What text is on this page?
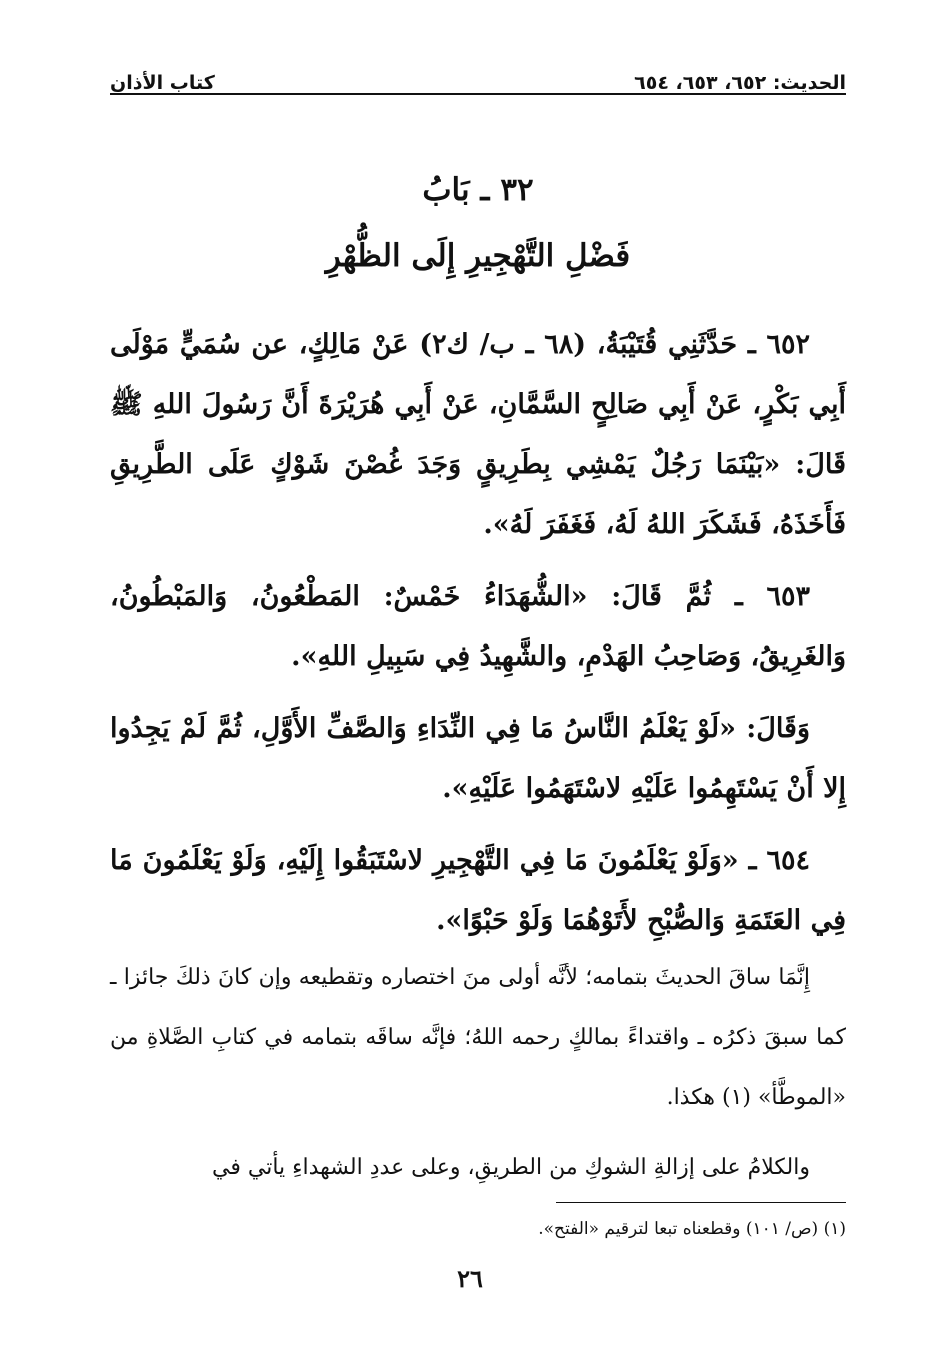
الحديث: ٦٥٢، ٦٥٣، ٦٥٤
كتاب الأذان
٣٢ ـ بَابُ
فَضْلِ التَّهْجِيرِ إِلَى الظُّهْرِ

٦٥٢ ـ حَدَّثَنِي قُتَيْبَةُ، (٦٨ ـ ب/ ك٢) عَنْ مَالِكٍ، عن سُمَيٍّ مَوْلَى أَبِي بَكْرٍ، عَنْ أَبِي صَالِحٍ السَّمَّانِ، عَنْ أَبِي هُرَيْرَةَ أَنَّ رَسُولَ اللهِ ﷺ قَالَ: «بَيْنَمَا رَجُلٌ يَمْشِي بِطَرِيقٍ وَجَدَ غُصْنَ شَوْكٍ عَلَى الطَّرِيقِ فَأَخَذَهُ، فَشَكَرَ اللهُ لَهُ، فَغَفَرَ لَهُ».

٦٥٣ ـ ثُمَّ قَالَ: «الشُّهَدَاءُ خَمْسٌ: المَطْعُونُ، وَالمَبْطُونُ، وَالغَرِيقُ، وَصَاحِبُ الهَدْمِ، والشَّهِيدُ فِي سَبِيلِ اللهِ».

وَقَالَ: «لَوْ يَعْلَمُ النَّاسُ مَا فِي النِّدَاءِ وَالصَّفِّ الأَوَّلِ، ثُمَّ لَمْ يَجِدُوا إِلا أَنْ يَسْتَهِمُوا عَلَيْهِ لاسْتَهَمُوا عَلَيْهِ».

٦٥٤ ـ «وَلَوْ يَعْلَمُونَ مَا فِي التَّهْجِيرِ لاسْتَبَقُوا إِلَيْهِ، وَلَوْ يَعْلَمُونَ مَا فِي العَتَمَةِ وَالصُّبْحِ لأَتَوْهُمَا وَلَوْ حَبْوًا».

إِنَّمَا ساقَ الحديثَ بتمامه؛ لأنَّه أولى منَ اختصاره وتقطيعه وإن كانَ ذلكَ جائزا ـ كما سبقَ ذكرُه ـ واقتداءً بمالكٍ رحمه اللهُ؛ فإنَّه ساقَه بتمامه في كتابِ الصَّلاةِ من «الموطَّأ» (١) هكذا.

والكلامُ على إزالةِ الشوكِ من الطريقِ، وعلى عددِ الشهداءِ يأتي في

(١) (ص/ ١٠١) وقطعناه تبعا لترقيم «الفتح».
٢٦
